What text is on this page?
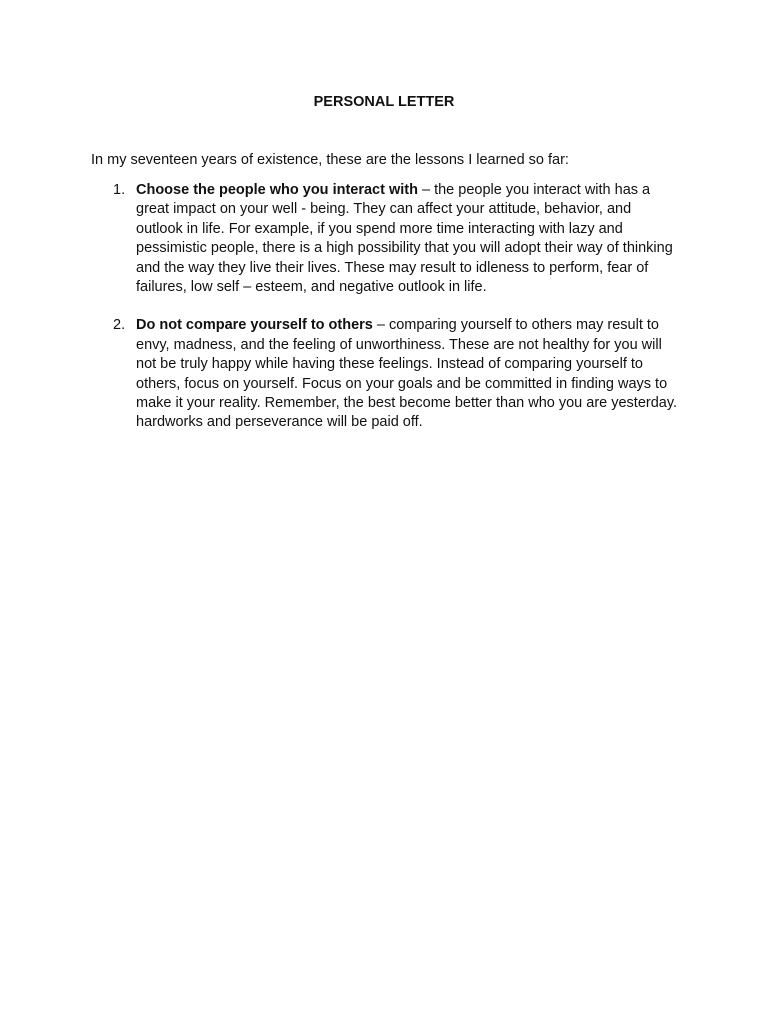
PERSONAL LETTER

In my seventeen years of existence, these are the lessons I learned so far:

1. Choose the people who you interact with – the people you interact with has a great impact on your well - being. They can affect your attitude, behavior, and outlook in life. For example, if you spend more time interacting with lazy and pessimistic people, there is a high possibility that you will adopt their way of thinking and the way they live their lives. These may result to idleness to perform, fear of failures, low self – esteem, and negative outlook in life.
2. Do not compare yourself to others – comparing yourself to others may result to envy, madness, and the feeling of unworthiness. These are not healthy for you will not be truly happy while having these feelings. Instead of comparing yourself to others, focus on yourself. Focus on your goals and be committed in finding ways to make it your reality. Remember, the best become better than who you are yesterday. hardworks and perseverance will be paid off.
